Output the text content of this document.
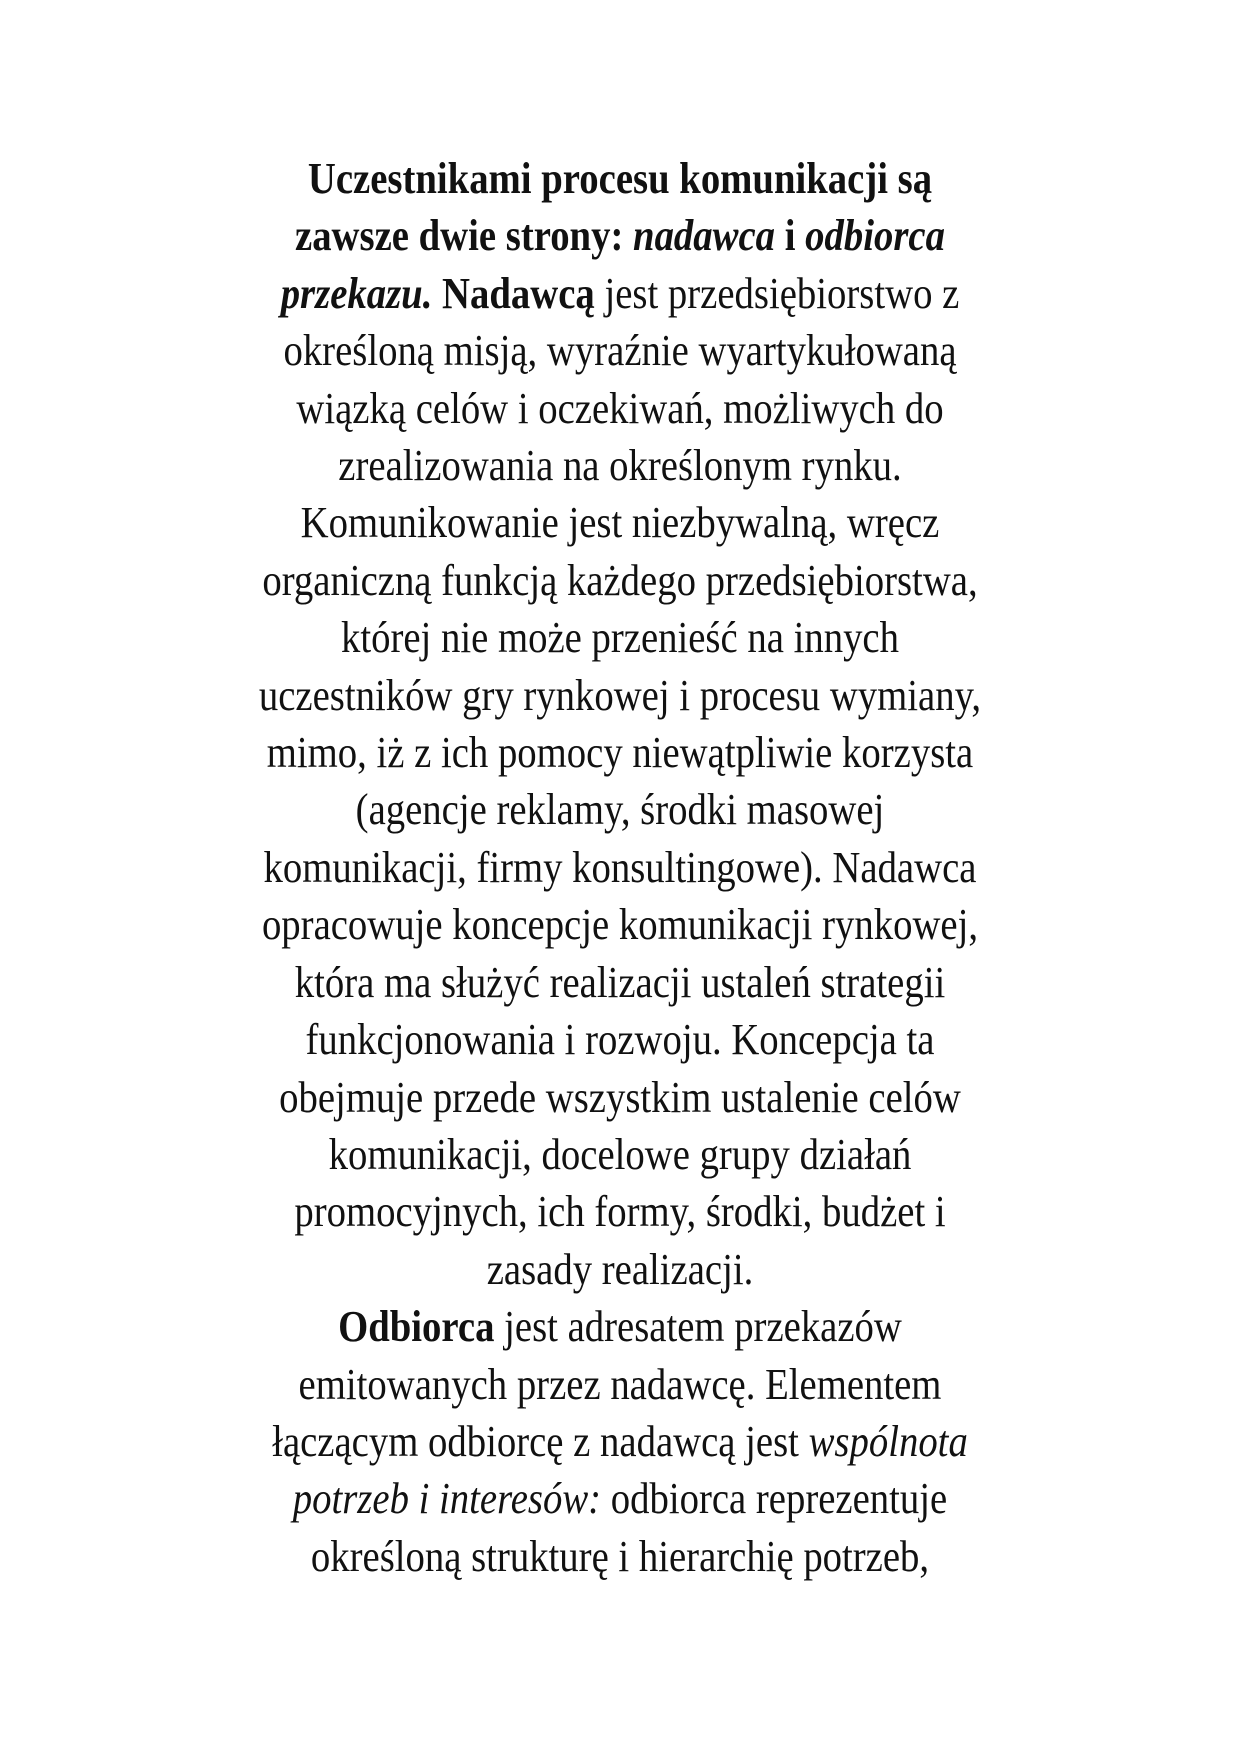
Uczestnikami procesu komunikacji są
zawsze dwie strony: nadawca i odbiorca
przekazu. Nadawcą jest przedsiębiorstwo z
określoną misją, wyraźnie wyartykułowaną
wiązką celów i oczekiwań, możliwych do
zrealizowania na określonym rynku.
Komunikowanie jest niezbywalną, wręcz
organiczną funkcją każdego przedsiębiorstwa,
której nie może przenieść na innych
uczestników gry rynkowej i procesu wymiany,
mimo, iż z ich pomocy niewątpliwie korzysta
(agencje reklamy, środki masowej
komunikacji, firmy konsultingowe). Nadawca
opracowuje koncepcje komunikacji rynkowej,
która ma służyć realizacji ustaleń strategii
funkcjonowania i rozwoju. Koncepcja ta
obejmuje przede wszystkim ustalenie celów
komunikacji, docelowe grupy działań
promocyjnych, ich formy, środki, budżet i
zasady realizacji.
Odbiorca jest adresatem przekazów
emitowanych przez nadawcę. Elementem
łączącym odbiorcę z nadawcą jest wspólnota
potrzeb i interesów: odbiorca reprezentuje
określoną strukturę i hierarchię potrzeb,
